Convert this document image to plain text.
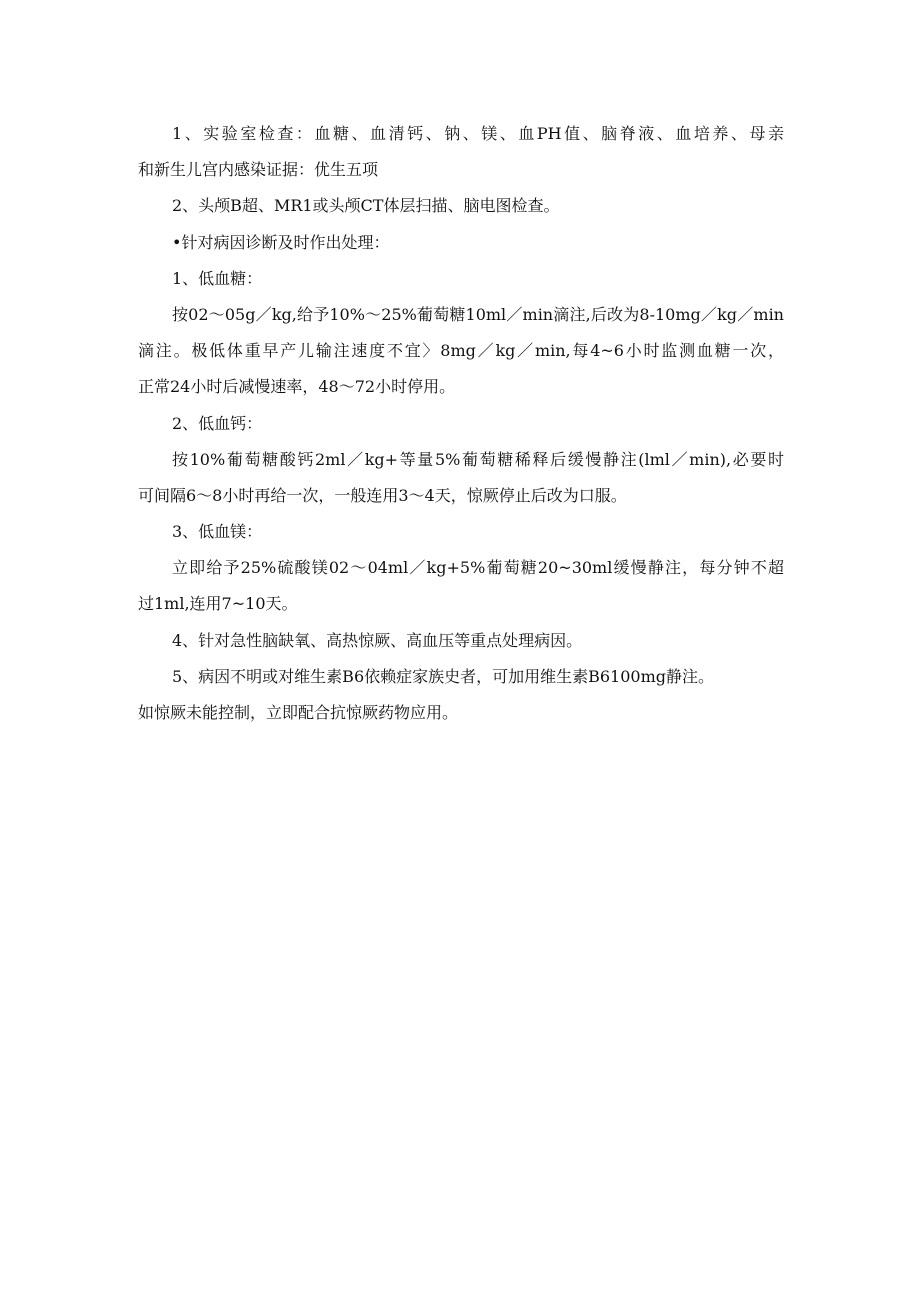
1、实验室检查：血糖、血清钙、钠、镁、血PH值、脑脊液、血培养、母亲
和新生儿宫内感染证据：优生五项
2、头颅B超、MR1或头颅CT体层扫描、脑电图检查。
•针对病因诊断及时作出处理：
1、低血糖：
按02～05g／kg,给予10%～25%葡萄糖10ml／min滴注,后改为8-10mg／kg／min
滴注。极低体重早产儿输注速度不宜〉8mg／kg／min,每4~6小时监测血糖一次，
正常24小时后减慢速率，48～72小时停用。
2、低血钙：
按10%葡萄糖酸钙2ml／kg+等量5%葡萄糖稀释后缓慢静注(lml／min),必要时
可间隔6～8小时再给一次，一般连用3～4天，惊厥停止后改为口服。
3、低血镁：
立即给予25%硫酸镁02～04ml／kg+5%葡萄糖20~30ml缓慢静注，每分钟不超
过1ml,连用7~10天。
4、针对急性脑缺氧、高热惊厥、高血压等重点处理病因。
5、病因不明或对维生素B6依赖症家族史者，可加用维生素B6100mg静注。
如惊厥未能控制，立即配合抗惊厥药物应用。
